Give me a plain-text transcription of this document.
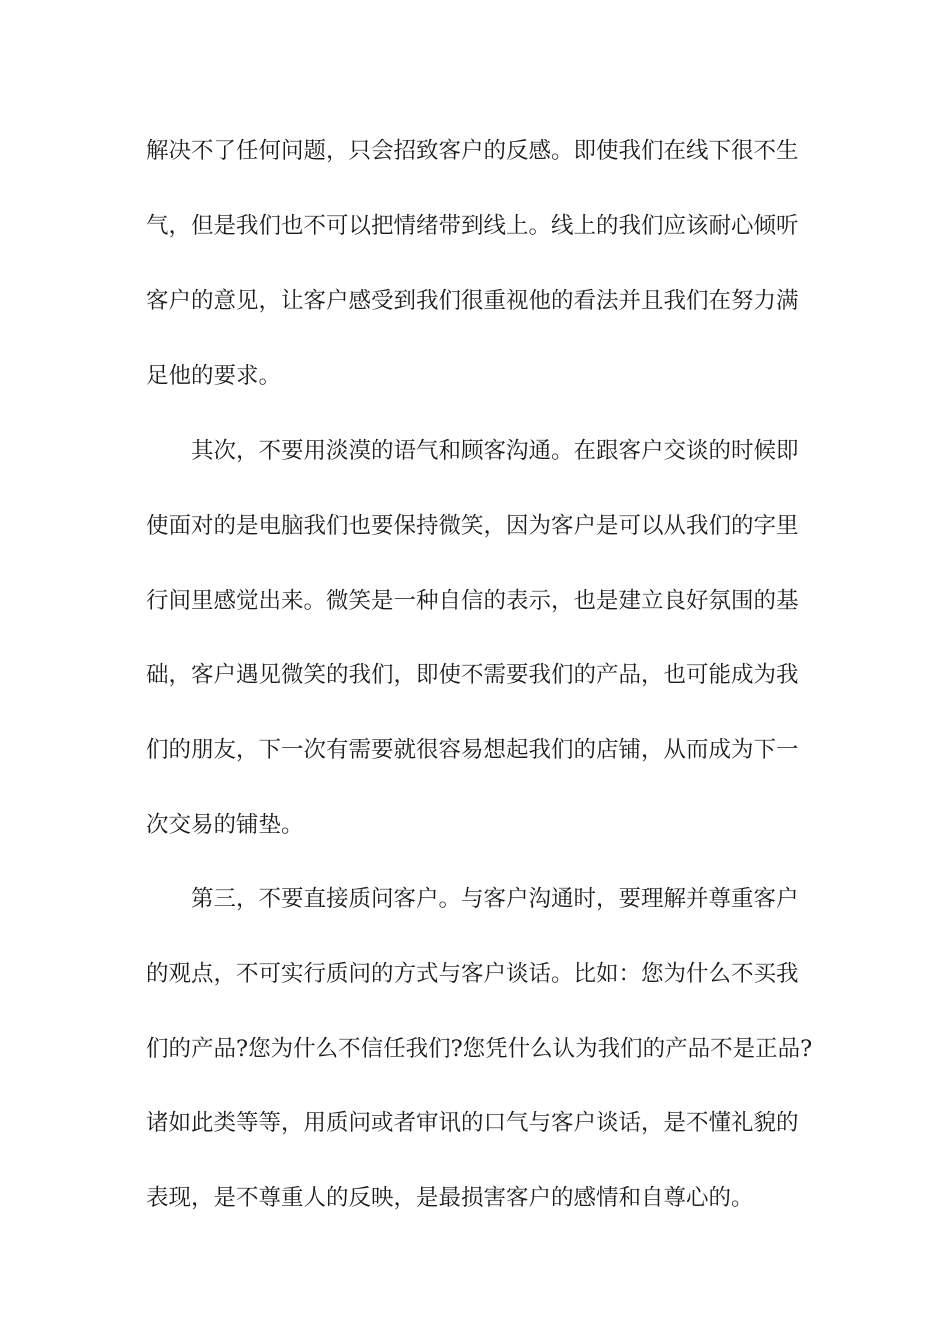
解决不了任何问题，只会招致客户的反感。即使我们在线下很不生
气，但是我们也不可以把情绪带到线上。线上的我们应该耐心倾听
客户的意见，让客户感受到我们很重视他的看法并且我们在努力满
足他的要求。
其次，不要用淡漠的语气和顾客沟通。在跟客户交谈的时候即
使面对的是电脑我们也要保持微笑，因为客户是可以从我们的字里
行间里感觉出来。微笑是一种自信的表示，也是建立良好氛围的基
础，客户遇见微笑的我们，即使不需要我们的产品，也可能成为我
们的朋友，下一次有需要就很容易想起我们的店铺，从而成为下一
次交易的铺垫。
第三，不要直接质问客户。与客户沟通时，要理解并尊重客户
的观点，不可实行质问的方式与客户谈话。比如：您为什么不买我
们的产品?您为什么不信任我们?您凭什么认为我们的产品不是正品?
诸如此类等等，用质问或者审讯的口气与客户谈话，是不懂礼貌的
表现，是不尊重人的反映，是最损害客户的感情和自尊心的。
